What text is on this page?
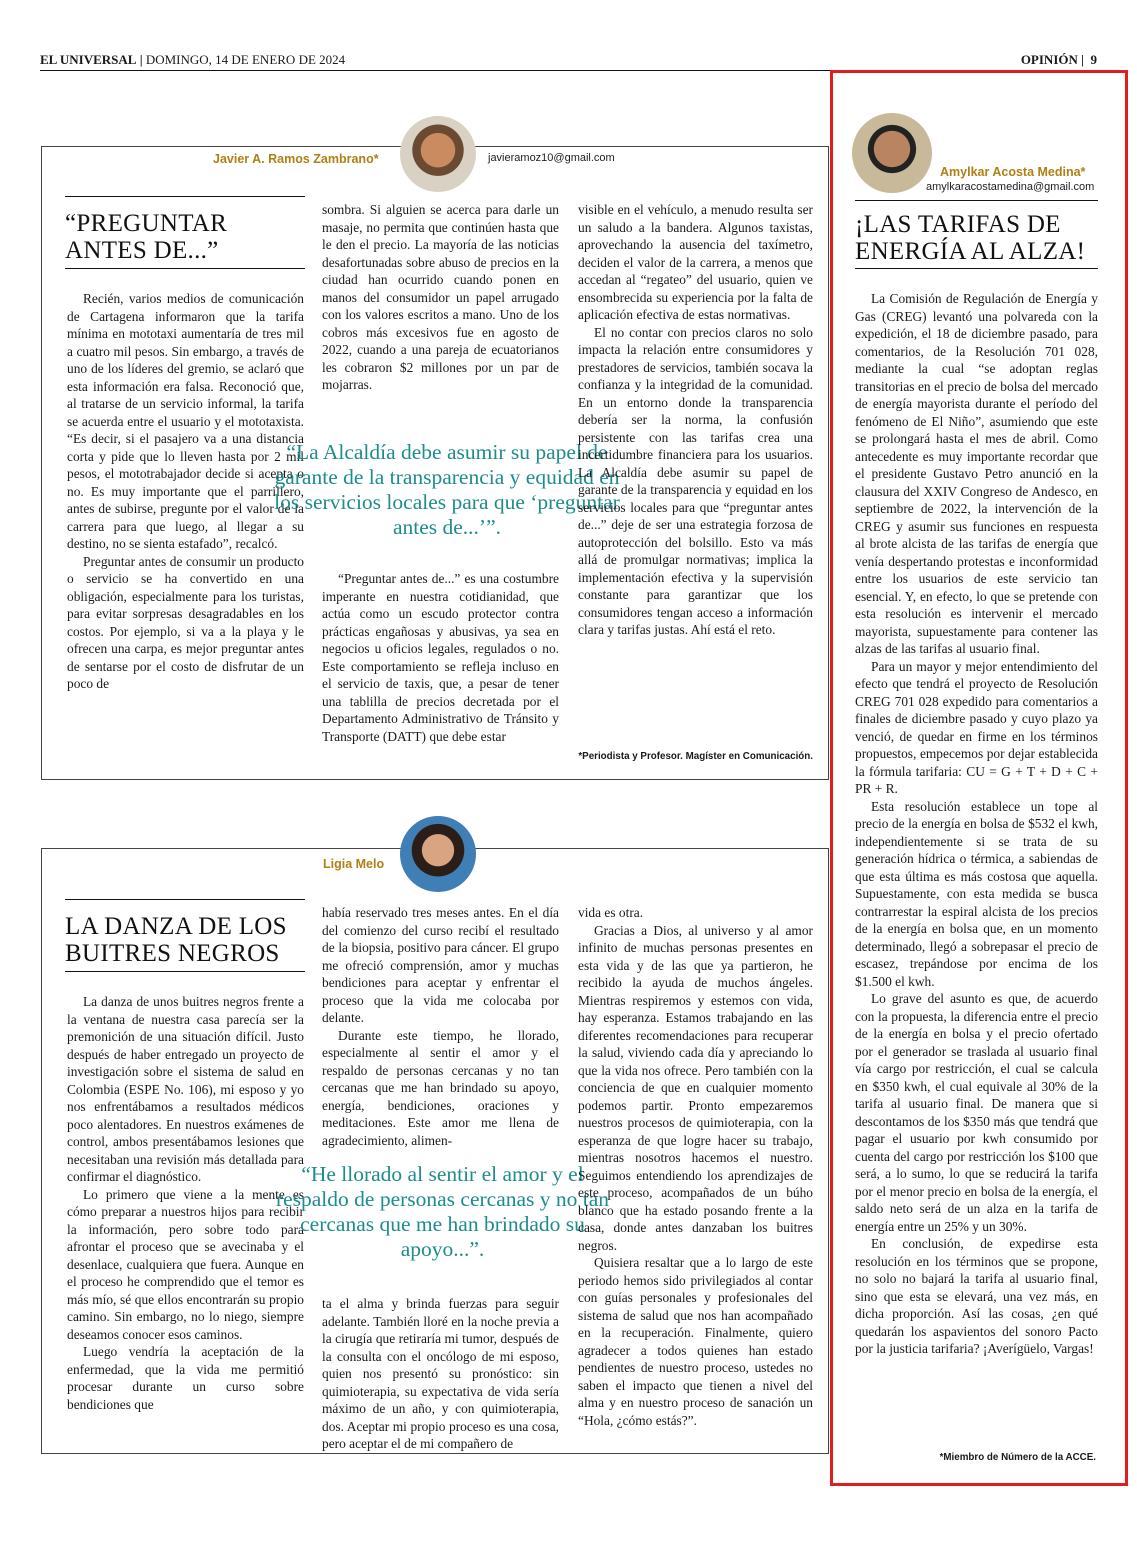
EL UNIVERSAL | DOMINGO, 14 DE ENERO DE 2024	OPINIÓN |  9
Javier A. Ramos Zambrano*	javieramoz10@gmail.com
“PREGUNTAR
ANTES DE...”

Recién, varios medios de comunicación de Cartagena informaron que la tarifa mínima en mototaxi aumentaría de tres mil a cuatro mil pesos. Sin embargo, a través de uno de los líderes del gremio, se aclaró que esta información era falsa. Reconoció que, al tratarse de un servicio informal, la tarifa se acuerda entre el usuario y el mototaxista. “Es decir, si el pasajero va a una distancia corta y pide que lo lleven hasta por 2 mil pesos, el mototrabajador decide si acepta o no. Es muy importante que el parrillero, antes de subirse, pregunte por el valor de la carrera para que luego, al llegar a su destino, no se sienta estafado”, recalcó.

Preguntar antes de consumir un producto o servicio se ha convertido en una obligación, especialmente para los turistas, para evitar sorpresas desagradables en los costos. Por ejemplo, si va a la playa y le ofrecen una carpa, es mejor preguntar antes de sentarse por el costo de disfrutar de un poco de

sombra. Si alguien se acerca para darle un masaje, no permita que continúen hasta que le den el precio. La mayoría de las noticias desafortunadas sobre abuso de precios en la ciudad han ocurrido cuando ponen en manos del consumidor un papel arrugado con los valores escritos a mano. Uno de los cobros más excesivos fue en agosto de 2022, cuando a una pareja de ecuatorianos les cobraron $2 millones por un par de mojarras.

“La Alcaldía debe asumir su papel de garante de la transparencia y equidad en los servicios locales para que ‘preguntar antes de...’”.

“Preguntar antes de...” es una costumbre imperante en nuestra cotidianidad, que actúa como un escudo protector contra prácticas engañosas y abusivas, ya sea en negocios u oficios legales, regulados o no. Este comportamiento se refleja incluso en el servicio de taxis, que, a pesar de tener una tablilla de precios decretada por el Departamento Administrativo de Tránsito y Transporte (DATT) que debe estar

visible en el vehículo, a menudo resulta ser un saludo a la bandera. Algunos taxistas, aprovechando la ausencia del taxímetro, deciden el valor de la carrera, a menos que accedan al “regateo” del usuario, quien ve ensombrecida su experiencia por la falta de aplicación efectiva de estas normativas.

El no contar con precios claros no solo impacta la relación entre consumidores y prestadores de servicios, también socava la confianza y la integridad de la comunidad. En un entorno donde la transparencia debería ser la norma, la confusión persistente con las tarifas crea una incertidumbre financiera para los usuarios. La Alcaldía debe asumir su papel de garante de la transparencia y equidad en los servicios locales para que “preguntar antes de...” deje de ser una estrategia forzosa de autoprotección del bolsillo. Esto va más allá de promulgar normativas; implica la implementación efectiva y la supervisión constante para garantizar que los consumidores tengan acceso a información clara y tarifas justas. Ahí está el reto.

*Periodista y Profesor. Magíster en Comunicación.
Ligia Melo
LA DANZA DE LOS
BUITRES NEGROS

La danza de unos buitres negros frente a la ventana de nuestra casa parecía ser la premonición de una situación difícil. Justo después de haber entregado un proyecto de investigación sobre el sistema de salud en Colombia (ESPE No. 106), mi esposo y yo nos enfrentábamos a resultados médicos poco alentadores. En nuestros exámenes de control, ambos presentábamos lesiones que necesitaban una revisión más detallada para confirmar el diagnóstico.

Lo primero que viene a la mente es cómo preparar a nuestros hijos para recibir la información, pero sobre todo para afrontar el proceso que se avecinaba y el desenlace, cualquiera que fuera. Aunque en el proceso he comprendido que el temor es más mío, sé que ellos encontrarán su propio camino. Sin embargo, no lo niego, siempre deseamos conocer esos caminos.

Luego vendría la aceptación de la enfermedad, que la vida me permitió procesar durante un curso sobre bendiciones que

había reservado tres meses antes. En el día del comienzo del curso recibí el resultado de la biopsia, positivo para cáncer. El grupo me ofreció comprensión, amor y muchas bendiciones para aceptar y enfrentar el proceso que la vida me colocaba por delante.

Durante este tiempo, he llorado, especialmente al sentir el amor y el respaldo de personas cercanas y no tan cercanas que me han brindado su apoyo, energía, bendiciones, oraciones y meditaciones. Este amor me llena de agradecimiento, alimen-

“He llorado al sentir el amor y el respaldo de personas cercanas y no tan cercanas que me han brindado su apoyo...”.

ta el alma y brinda fuerzas para seguir adelante. También lloré en la noche previa a la cirugía que retiraría mi tumor, después de la consulta con el oncólogo de mi esposo, quien nos presentó su pronóstico: sin quimioterapia, su expectativa de vida sería máximo de un año, y con quimioterapia, dos. Aceptar mi propio proceso es una cosa, pero aceptar el de mi compañero de

vida es otra.

Gracias a Dios, al universo y al amor infinito de muchas personas presentes en esta vida y de las que ya partieron, he recibido la ayuda de muchos ángeles. Mientras respiremos y estemos con vida, hay esperanza. Estamos trabajando en las diferentes recomendaciones para recuperar la salud, viviendo cada día y apreciando lo que la vida nos ofrece. Pero también con la conciencia de que en cualquier momento podemos partir. Pronto empezaremos nuestros procesos de quimioterapia, con la esperanza de que logre hacer su trabajo, mientras nosotros hacemos el nuestro. Seguimos entendiendo los aprendizajes de este proceso, acompañados de un búho blanco que ha estado posando frente a la casa, donde antes danzaban los buitres negros.

Quisiera resaltar que a lo largo de este periodo hemos sido privilegiados al contar con guías personales y profesionales del sistema de salud que nos han acompañado en la recuperación. Finalmente, quiero agradecer a todos quienes han estado pendientes de nuestro proceso, ustedes no saben el impacto que tienen a nivel del alma y en nuestro proceso de sanación un “Hola, ¿cómo estás?”.

Amylkar Acosta Medina*
amylkaracostamedina@gmail.com
¡LAS TARIFAS DE
ENERGÍA AL ALZA!

La Comisión de Regulación de Energía y Gas (CREG) levantó una polvareda con la expedición, el 18 de diciembre pasado, para comentarios, de la Resolución 701 028, mediante la cual “se adoptan reglas transitorias en el precio de bolsa del mercado de energía mayorista durante el período del fenómeno de El Niño”, asumiendo que este se prolongará hasta el mes de abril. Como antecedente es muy importante recordar que el presidente Gustavo Petro anunció en la clausura del XXIV Congreso de Andesco, en septiembre de 2022, la intervención de la CREG y asumir sus funciones en respuesta al brote alcista de las tarifas de energía que venía despertando protestas e inconformidad entre los usuarios de este servicio tan esencial. Y, en efecto, lo que se pretende con esta resolución es intervenir el mercado mayorista, supuestamente para contener las alzas de las tarifas al usuario final.

Para un mayor y mejor entendimiento del efecto que tendrá el proyecto de Resolución CREG 701 028 expedido para comentarios a finales de diciembre pasado y cuyo plazo ya venció, de quedar en firme en los términos propuestos, empecemos por dejar establecida la fórmula tarifaria: CU = G + T + D + C + PR + R.

Esta resolución establece un tope al precio de la energía en bolsa de $532 el kwh, independientemente si se trata de su generación hídrica o térmica, a sabiendas de que esta última es más costosa que aquella. Supuestamente, con esta medida se busca contrarrestar la espiral alcista de los precios de la energía en bolsa que, en un momento determinado, llegó a sobrepasar el precio de escasez, trepándose por encima de los $1.500 el kwh.

Lo grave del asunto es que, de acuerdo con la propuesta, la diferencia entre el precio de la energía en bolsa y el precio ofertado por el generador se traslada al usuario final vía cargo por restricción, el cual se calcula en $350 kwh, el cual equivale al 30% de la tarifa al usuario final. De manera que si descontamos de los $350 más que tendrá que pagar el usuario por kwh consumido por cuenta del cargo por restricción los $100 que será, a lo sumo, lo que se reducirá la tarifa por el menor precio en bolsa de la energía, el saldo neto será de un alza en la tarifa de energía entre un 25% y un 30%.

En conclusión, de expedirse esta resolución en los términos que se propone, no solo no bajará la tarifa al usuario final, sino que esta se elevará, una vez más, en dicha proporción. Así las cosas, ¿en qué quedarán los aspavientos del sonoro Pacto por la justicia tarifaria? ¡Averígüelo, Vargas!

*Miembro de Número de la ACCE.
